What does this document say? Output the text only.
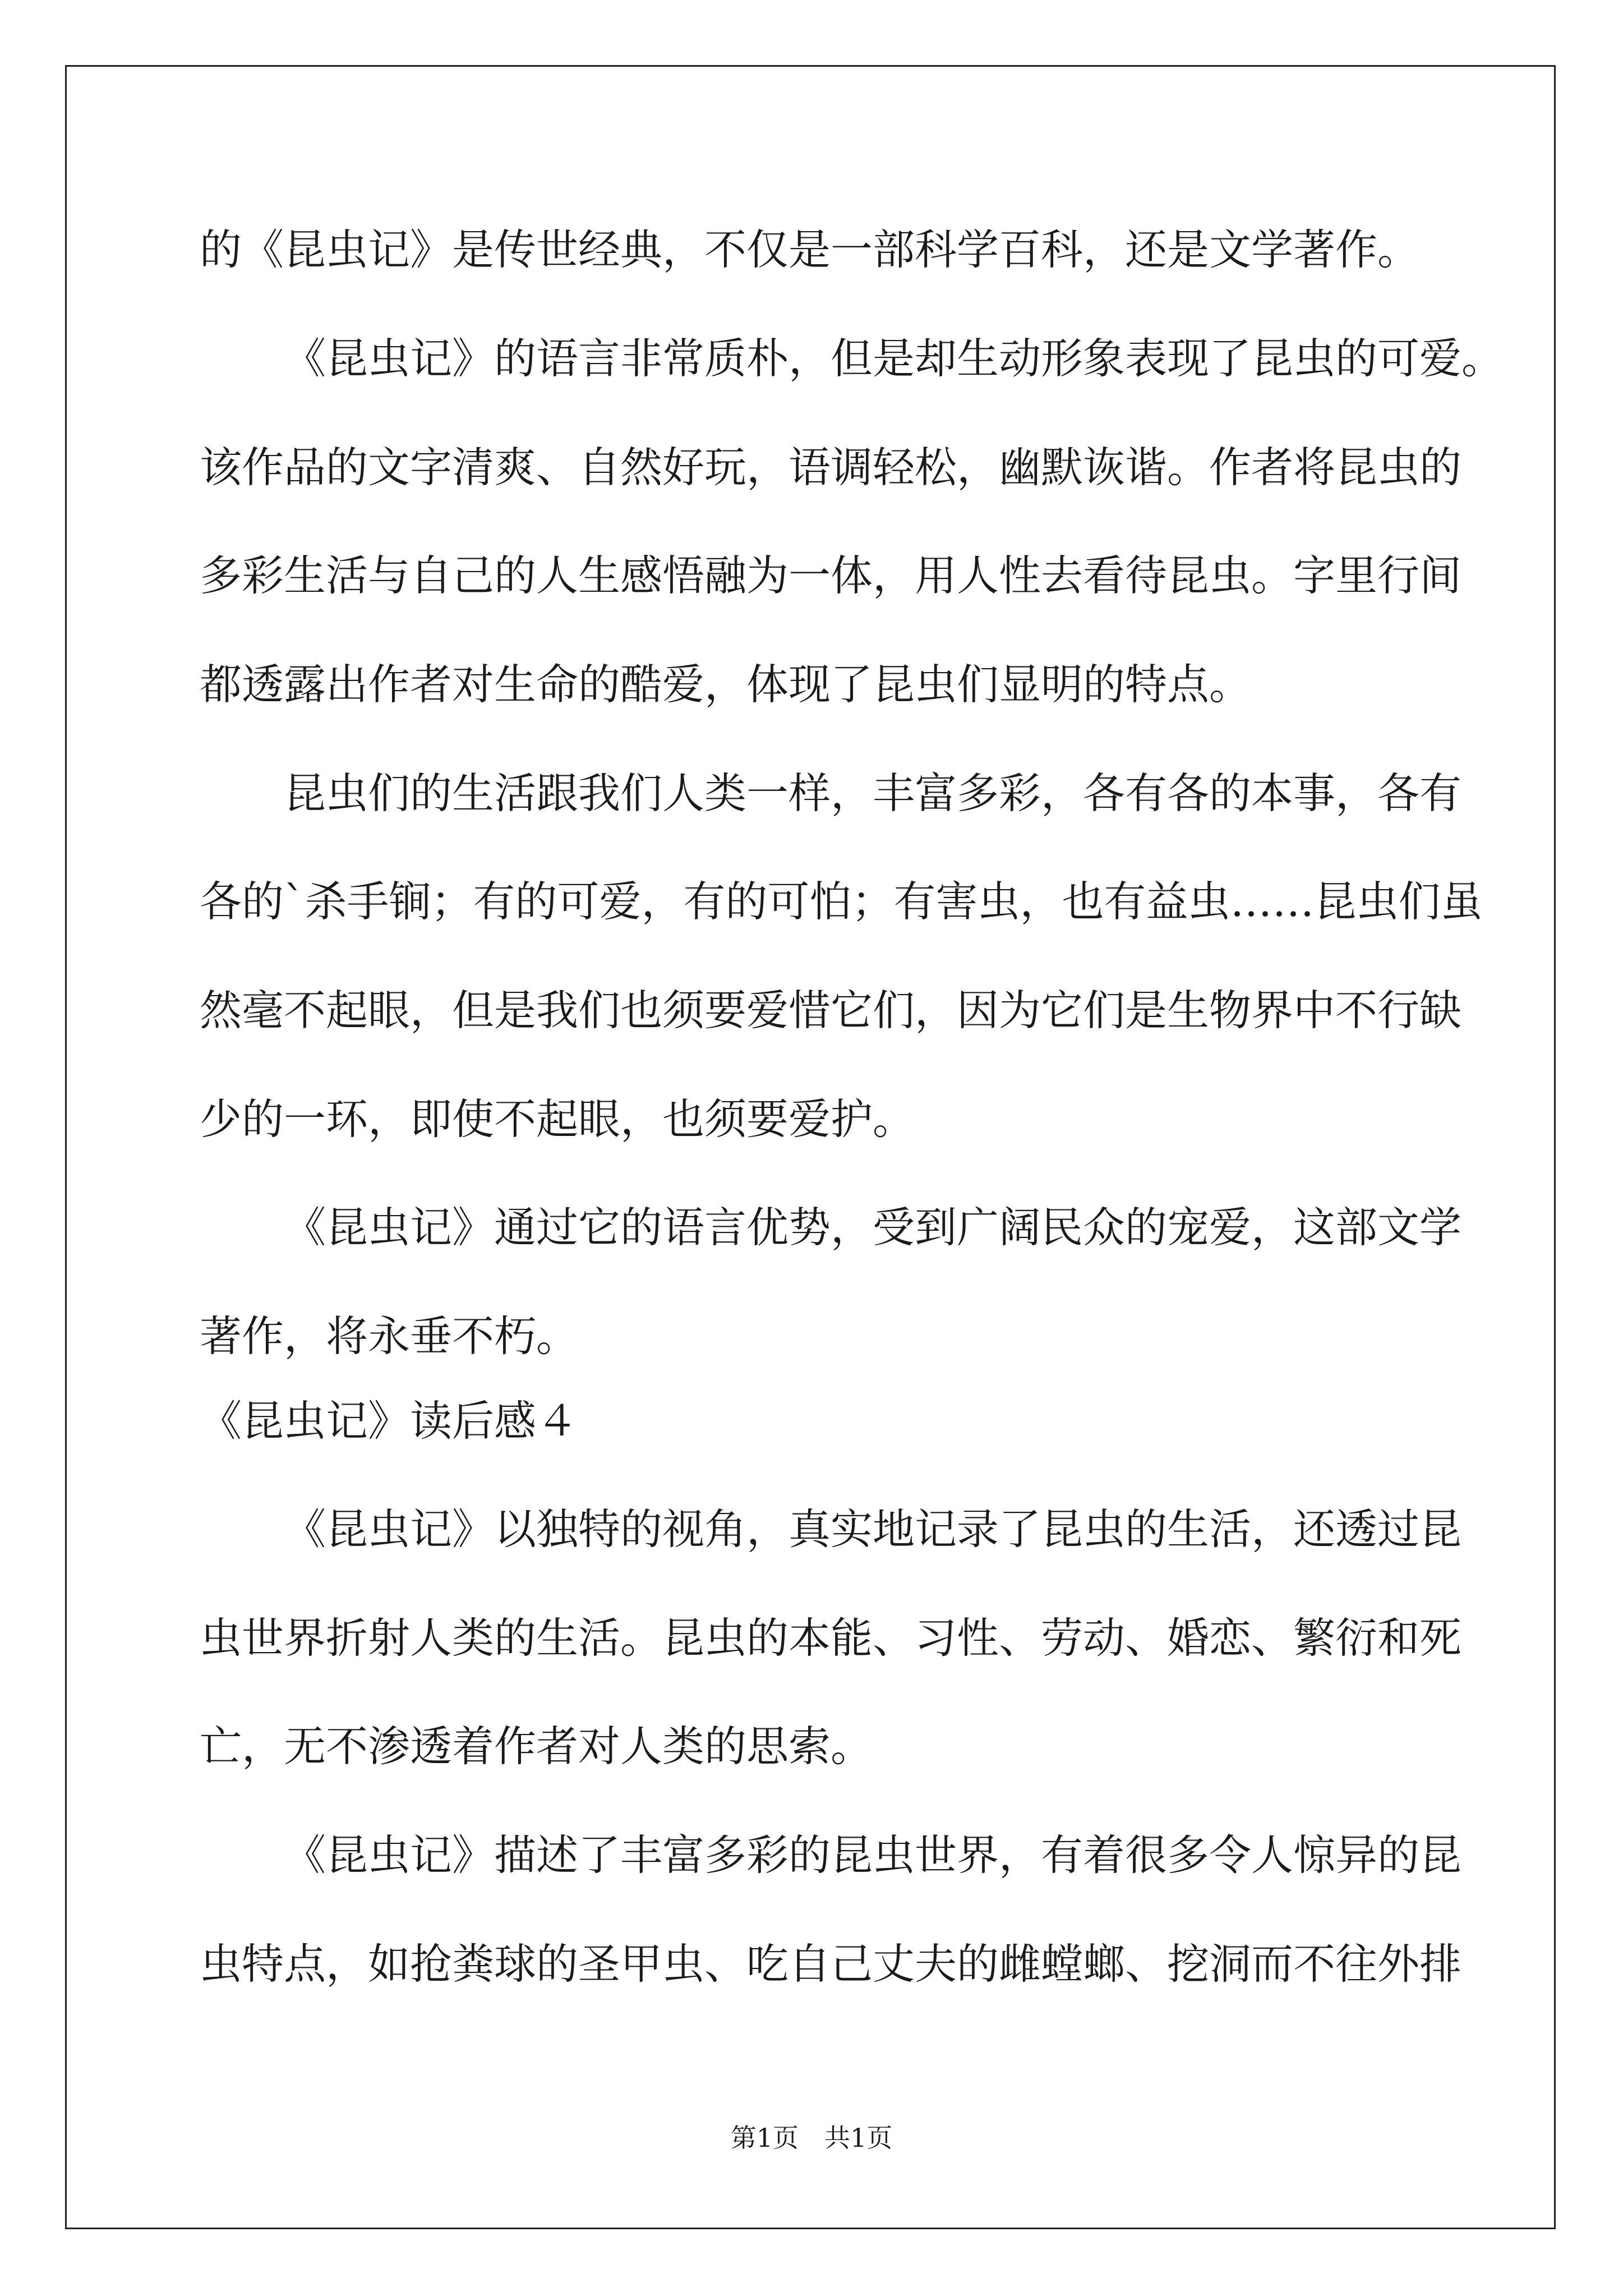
的《昆虫记》是传世经典，不仅是一部科学百科，还是文学著作。
《昆虫记》的语言非常质朴，但是却生动形象表现了昆虫的可爱。
该作品的文字清爽、自然好玩，语调轻松，幽默诙谐。作者将昆虫的
多彩生活与自己的人生感悟融为一体，用人性去看待昆虫。字里行间
都透露出作者对生命的酷爱，体现了昆虫们显明的特点。
昆虫们的生活跟我们人类一样，丰富多彩，各有各的本事，各有
各的`杀手锏；有的可爱，有的可怕；有害虫，也有益虫……昆虫们虽
然毫不起眼，但是我们也须要爱惜它们，因为它们是生物界中不行缺
少的一环，即使不起眼，也须要爱护。
《昆虫记》通过它的语言优势，受到广阔民众的宠爱，这部文学
著作，将永垂不朽。
《昆虫记》读后感４
《昆虫记》以独特的视角，真实地记录了昆虫的生活，还透过昆
虫世界折射人类的生活。昆虫的本能、习性、劳动、婚恋、繁衍和死
亡，无不渗透着作者对人类的思索。
《昆虫记》描述了丰富多彩的昆虫世界，有着很多令人惊异的昆
虫特点，如抢粪球的圣甲虫、吃自己丈夫的雌螳螂、挖洞而不往外排
第1页　共1页
